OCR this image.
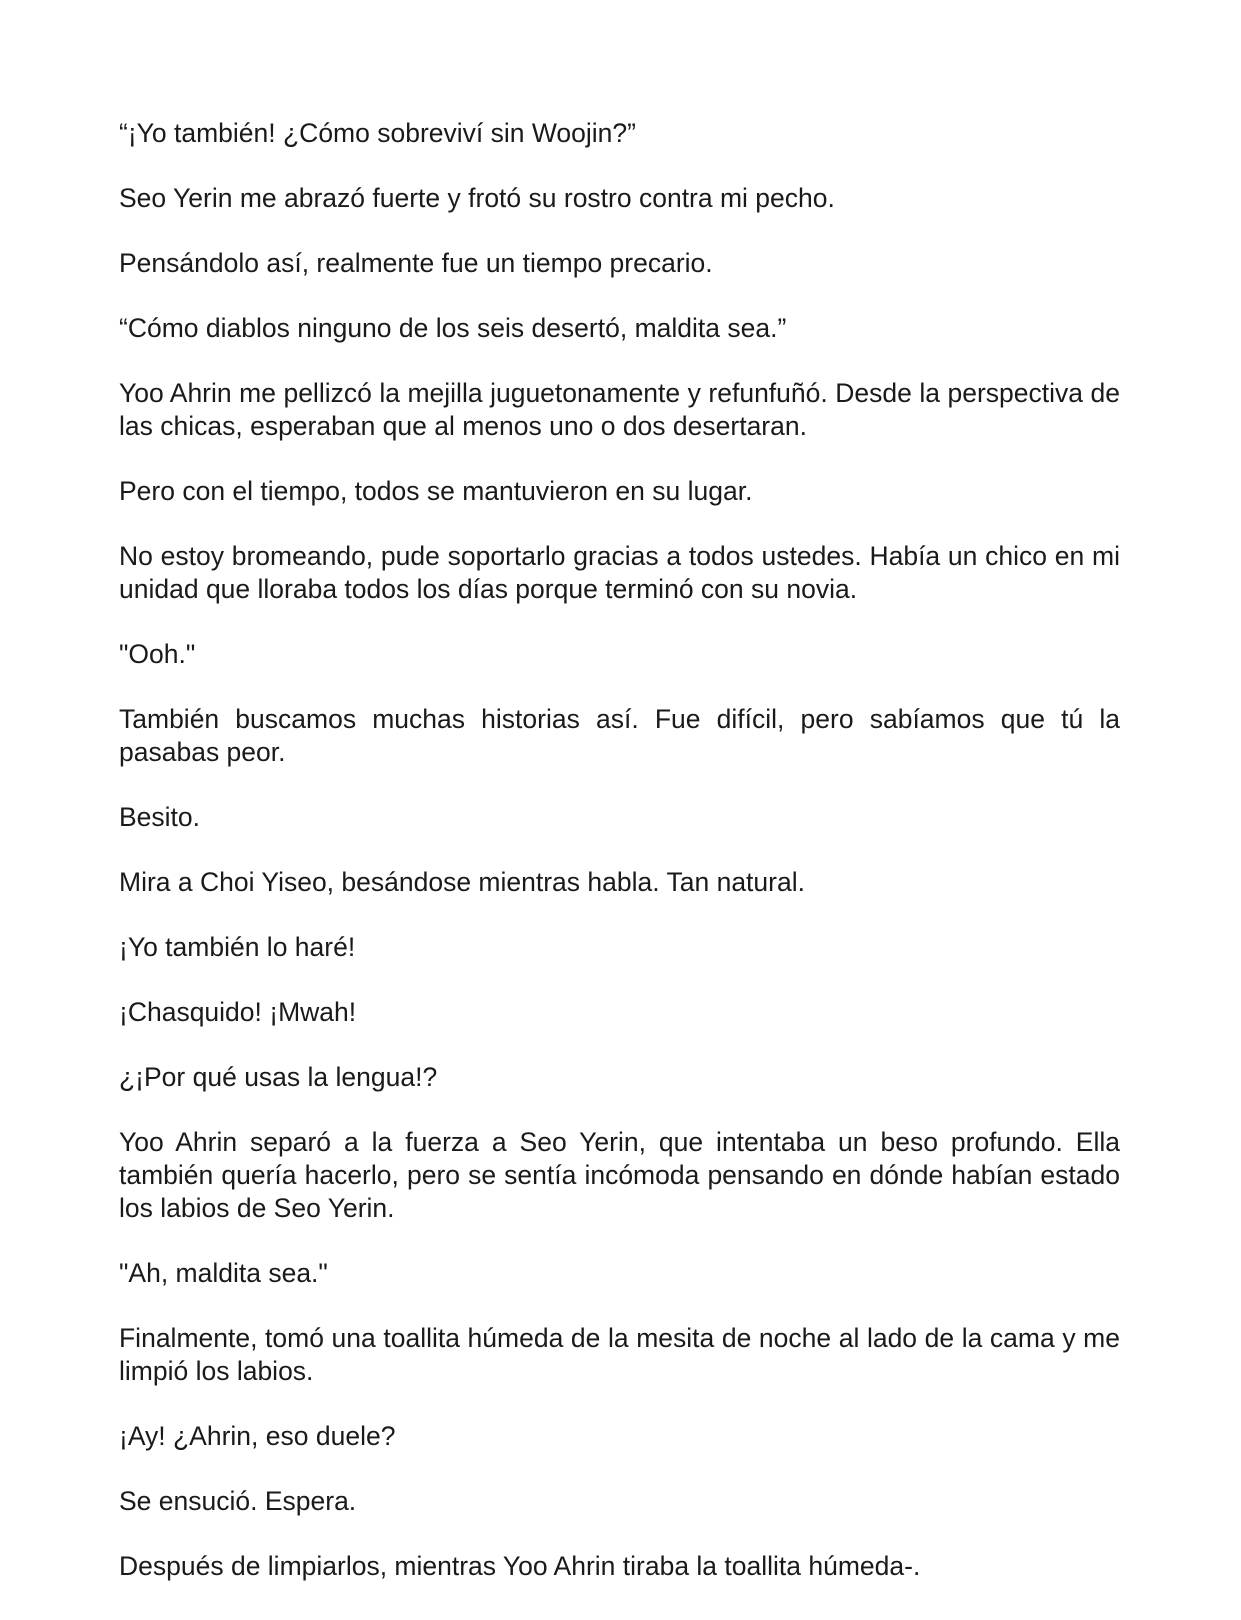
“¡Yo también! ¿Cómo sobreviví sin Woojin?”

Seo Yerin me abrazó fuerte y frotó su rostro contra mi pecho.

Pensándolo así, realmente fue un tiempo precario.

“Cómo diablos ninguno de los seis desertó, maldita sea.”

Yoo Ahrin me pellizcó la mejilla juguetonamente y refunfuñó. Desde la perspectiva de las chicas, esperaban que al menos uno o dos desertaran.

Pero con el tiempo, todos se mantuvieron en su lugar.

No estoy bromeando, pude soportarlo gracias a todos ustedes. Había un chico en mi unidad que lloraba todos los días porque terminó con su novia.

"Ooh."

También buscamos muchas historias así. Fue difícil, pero sabíamos que tú la pasabas peor.

Besito.

Mira a Choi Yiseo, besándose mientras habla. Tan natural.

¡Yo también lo haré!

¡Chasquido! ¡Mwah!

¿¡Por qué usas la lengua!?

Yoo Ahrin separó a la fuerza a Seo Yerin, que intentaba un beso profundo. Ella también quería hacerlo, pero se sentía incómoda pensando en dónde habían estado los labios de Seo Yerin.

"Ah, maldita sea."

Finalmente, tomó una toallita húmeda de la mesita de noche al lado de la cama y me limpió los labios.

¡Ay! ¿Ahrin, eso duele?

Se ensució. Espera.

Después de limpiarlos, mientras Yoo Ahrin tiraba la toallita húmeda-.
